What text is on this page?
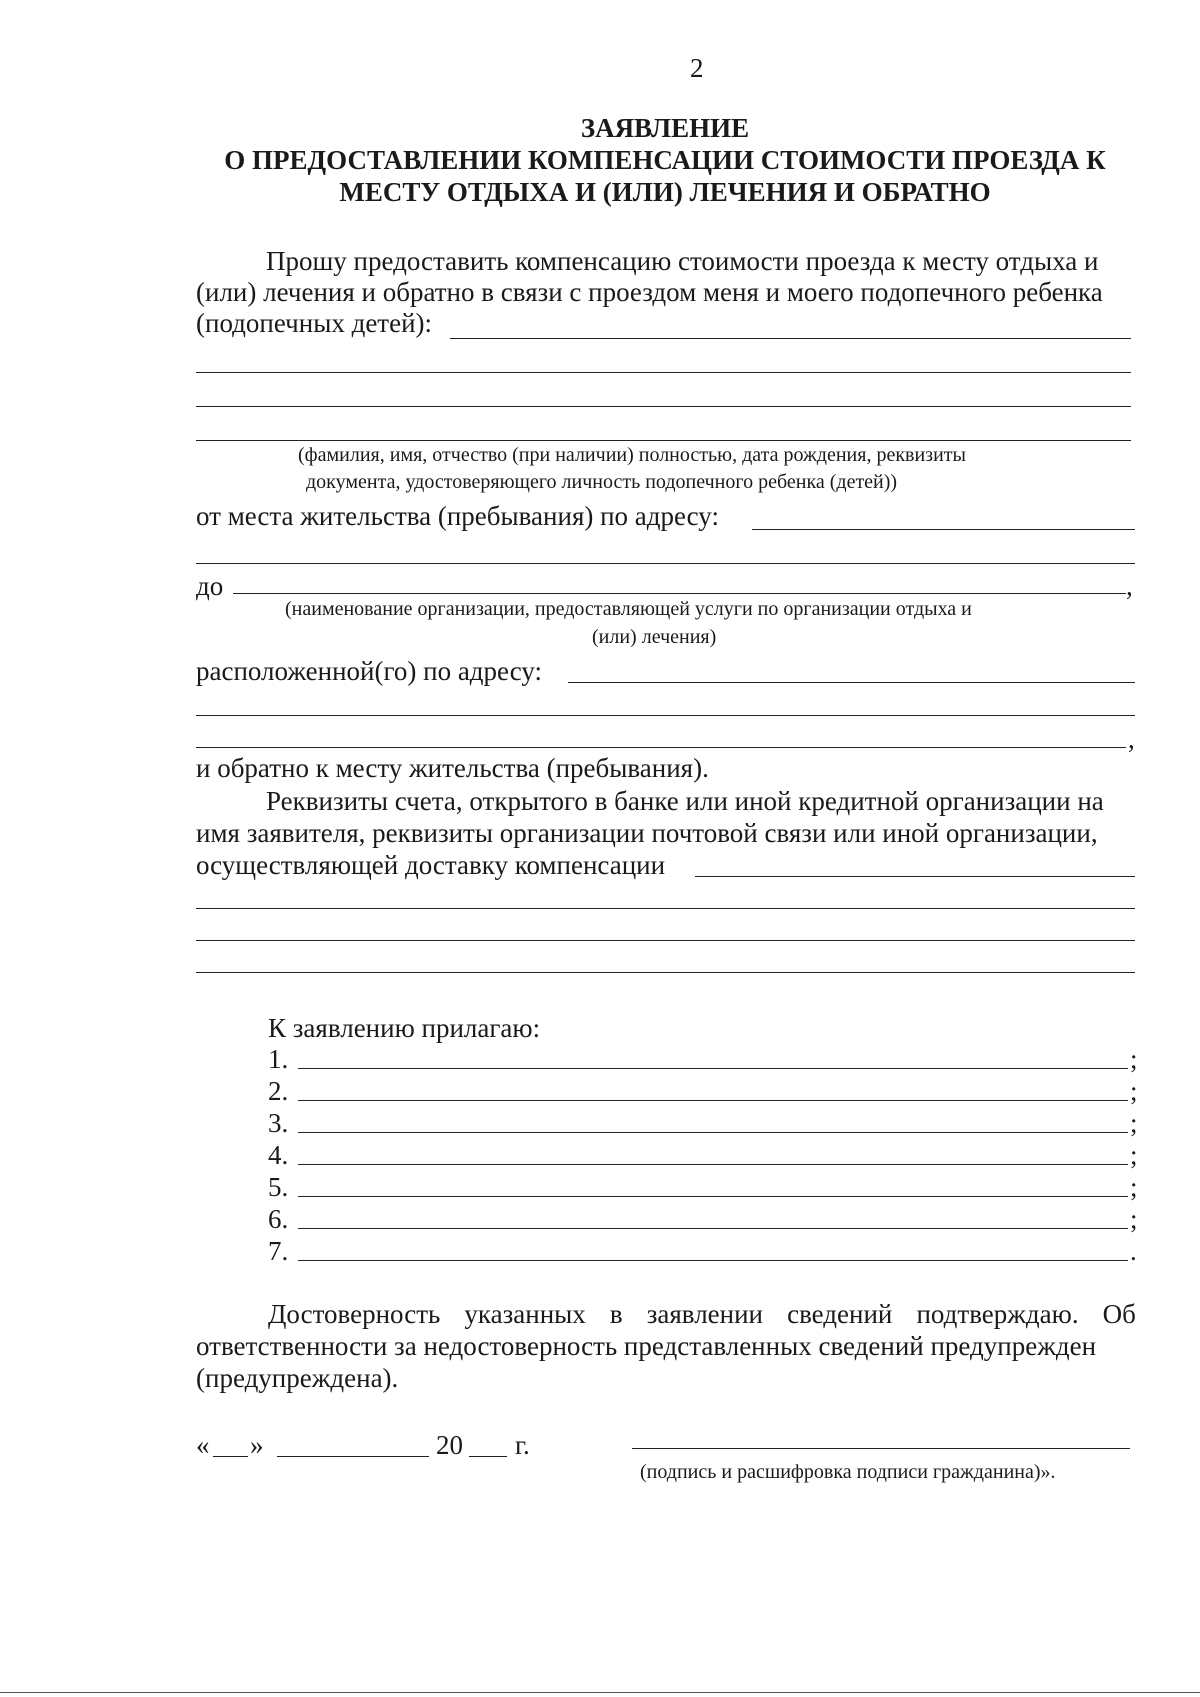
2
ЗАЯВЛЕНИЕ
О ПРЕДОСТАВЛЕНИИ КОМПЕНСАЦИИ СТОИМОСТИ ПРОЕЗДА К
МЕСТУ ОТДЫХА И (ИЛИ) ЛЕЧЕНИЯ И ОБРАТНО
Прошу предоставить компенсацию стоимости проезда к месту отдыха и
(или) лечения и обратно в связи с проездом меня и моего подопечного ребенка
(подопечных детей):
(фамилия, имя, отчество (при наличии) полностью, дата рождения, реквизиты
документа, удостоверяющего личность подопечного ребенка (детей))
от места жительства (пребывания) по адресу:
до	,
(наименование организации, предоставляющей услуги по организации отдыха и
(или) лечения)
расположенной(го) по адресу:
,
и обратно к месту жительства (пребывания).
Реквизиты счета, открытого в банке или иной кредитной организации на
имя заявителя, реквизиты организации почтовой связи или иной организации,
осуществляющей доставку компенсации
К заявлению прилагаю:
1.	;
2.	;
3.	;
4.	;
5.	;
6.	;
7.	.
Достоверность указанных в заявлении сведений подтверждаю. Об
ответственности за недостоверность представленных сведений предупрежден
(предупреждена).
« »	20 г.
(подпись и расшифровка подписи гражданина)».
